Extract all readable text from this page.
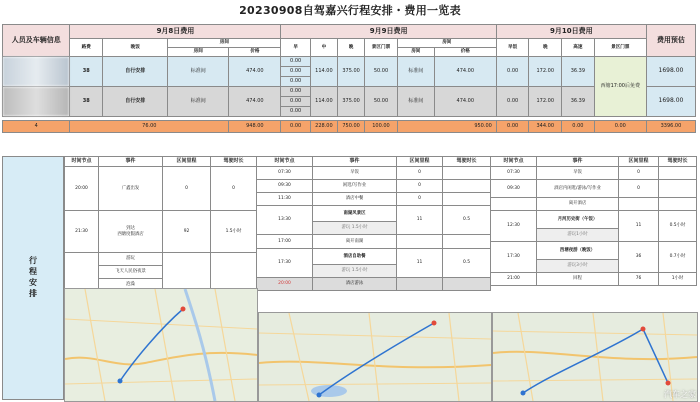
20230908自驾嘉兴行程安排・费用一览表
人员及车辆信息	9月8日费用				9月9日费用						9月10日费用				费用预估
	路费	晚饭	房间		早	中	晚	景区门票	房间		早饭	晚	高速	景区门票	
			房间	价格					房间	价格					
	38	自行安排	标准间	474.00	0.00	114.00	375.00	50.00	标准间	474.00	0.00	172.00	36.39	西塘17:00后免费	1698.00
					0.00										
					0.00										
	38	自行安排	标准间	474.00	0.00	114.00	375.00	50.00	标准间	474.00	0.00	172.00	36.39		1698.00
					0.00										
					0.00										

4	76.00			948.00	0.00	228.00	750.00	100.00	950.00		0.00	344.00	0.00	0.00	3396.00
行程安排
时间节点	事件	区间里程	驾驶时长
20:00	广鑫出发	0	0
21:30	到达
西塘度假酒店	92	1.5小时
	游玩		
	飞天人民俗夜景		
	泡澡		
时间节点	事件	区间里程	驾驶时长
07:30	早饭	0	
09:30	闲逛/写作业	0	
11:30	酒店中餐	0	
13:30	南湖风景区	11	0.5
	游玩 1.5小时		
17:00	离开南湖		
17:30	酒店自助餐	11	0.5
	游玩 1.5小时		
20:00	酒店游泳		
时间节点	事件	区间里程	驾驶时长
07:30	早饭	0	
09:30	酒店内闲逛/游泳/写作业	0	
	离开酒店		
12:30	月河历史街（午饭）	11	0.5小时
	游玩1小时		
17:30	西塘夜游（晚饭）	36	0.7小时
	游玩3小时		
21:00	回程	76	1小时
汽车之家
